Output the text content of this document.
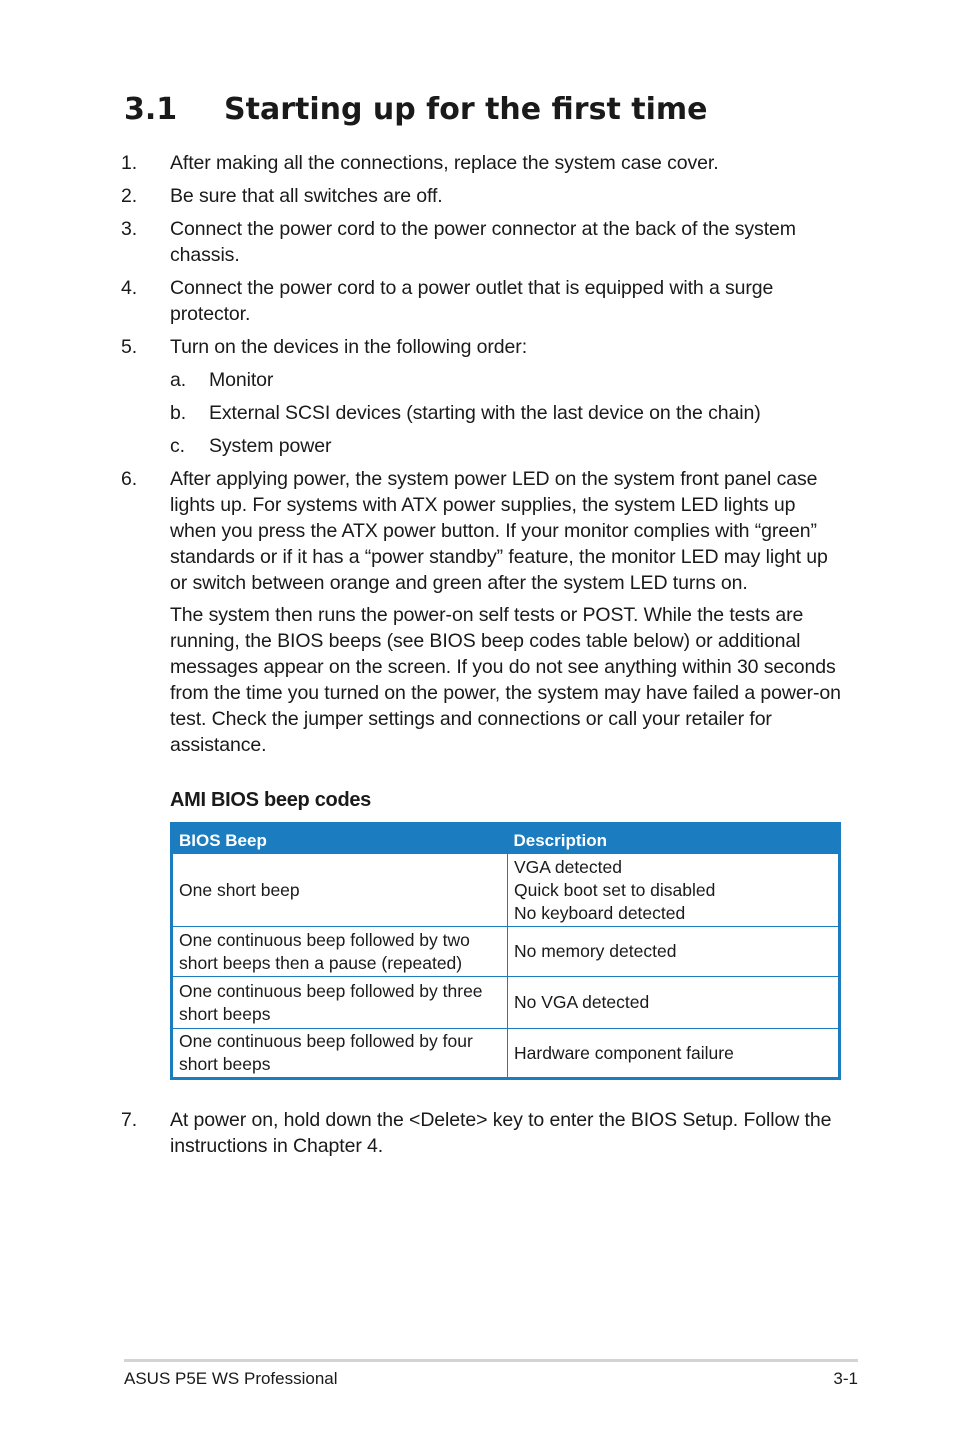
3.1 Starting up for the first time
1. After making all the connections, replace the system case cover.
2. Be sure that all switches are off.
3. Connect the power cord to the power connector at the back of the system chassis.
4. Connect the power cord to a power outlet that is equipped with a surge protector.
5. Turn on the devices in the following order:
a. Monitor
b. External SCSI devices (starting with the last device on the chain)
c. System power
6. After applying power, the system power LED on the system front panel case lights up. For systems with ATX power supplies, the system LED lights up when you press the ATX power button. If your monitor complies with “green” standards or if it has a “power standby” feature, the monitor LED may light up or switch between orange and green after the system LED turns on.
The system then runs the power-on self tests or POST. While the tests are running, the BIOS beeps (see BIOS beep codes table below) or additional messages appear on the screen. If you do not see anything within 30 seconds from the time you turned on the power, the system may have failed a power-on test. Check the jumper settings and connections or call your retailer for assistance.
AMI BIOS beep codes
BIOS Beep	Description
One short beep	VGA detected
Quick boot set to disabled
No keyboard detected

One continuous beep followed by two short beeps then a pause (repeated)	No memory detected

One continuous beep followed by three short beeps	No VGA detected

One continuous beep followed by four short beeps	Hardware component failure
7. At power on, hold down the <Delete> key to enter the BIOS Setup. Follow the instructions in Chapter 4.
ASUS P5E WS Professional	3-1
